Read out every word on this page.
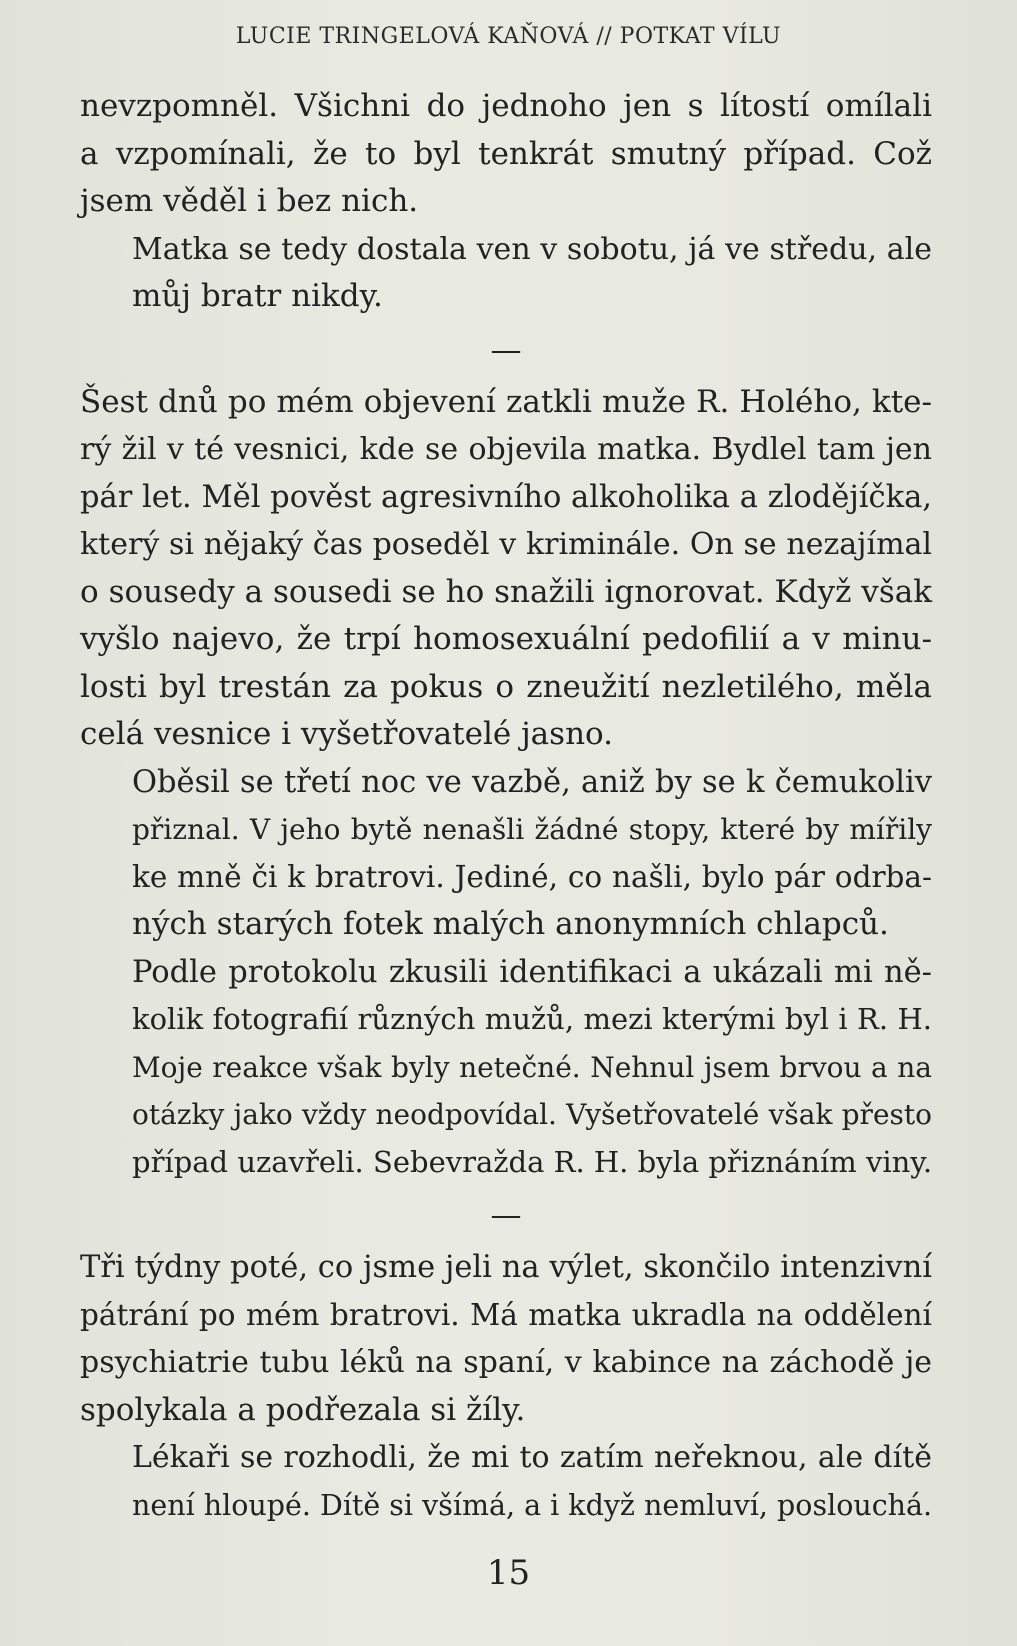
LUCIE TRINGELOVÁ KAŇOVÁ // POTKAT VÍLU

nevzpomněl. Všichni do jednoho jen s lítostí omílali
a vzpomínali, že to byl tenkrát smutný případ. Což
jsem věděl i bez nich.

Matka se tedy dostala ven v sobotu, já ve středu, ale
můj bratr nikdy.

—

Šest dnů po mém objevení zatkli muže R. Holého, kte-
rý žil v té vesnici, kde se objevila matka. Bydlel tam jen
pár let. Měl pověst agresivního alkoholika a zlodějíčka,
který si nějaký čas poseděl v kriminále. On se nezajímal
o sousedy a sousedi se ho snažili ignorovat. Když však
vyšlo najevo, že trpí homosexuální pedofilií a v minu-
losti byl trestán za pokus o zneužití nezletilého, měla
celá vesnice i vyšetřovatelé jasno.

Oběsil se třetí noc ve vazbě, aniž by se k čemukoliv
přiznal. V jeho bytě nenašli žádné stopy, které by mířily
ke mně či k bratrovi. Jediné, co našli, bylo pár odrba-
ných starých fotek malých anonymních chlapců.

Podle protokolu zkusili identifikaci a ukázali mi ně-
kolik fotografií různých mužů, mezi kterými byl i R. H.
Moje reakce však byly netečné. Nehnul jsem brvou a na
otázky jako vždy neodpovídal. Vyšetřovatelé však přesto
případ uzavřeli. Sebevražda R. H. byla přiznáním viny.

—

Tři týdny poté, co jsme jeli na výlet, skončilo intenzivní
pátrání po mém bratrovi. Má matka ukradla na oddělení
psychiatrie tubu léků na spaní, v kabince na záchodě je
spolykala a podřezala si žíly.

Lékaři se rozhodli, že mi to zatím neřeknou, ale dítě
není hloupé. Dítě si všímá, a i když nemluví, poslouchá.

15
